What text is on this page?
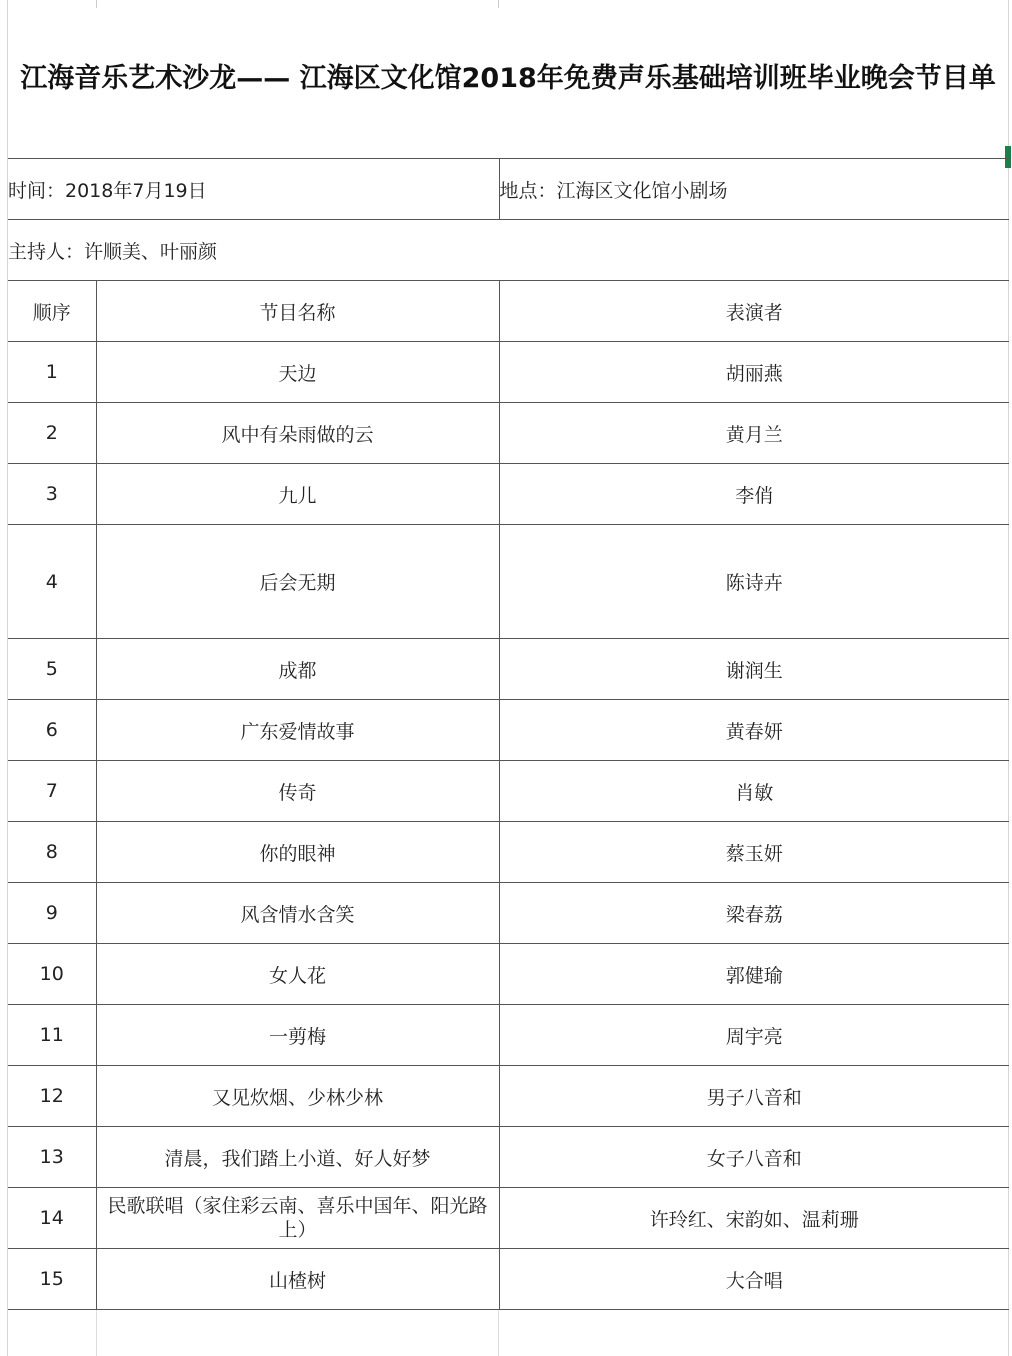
江海音乐艺术沙龙—— 江海区文化馆2018年免费声乐基础培训班毕业晚会节目单
时间：2018年7月19日		地点：江海区文化馆小剧场
主持人：许顺美、叶丽颜		
顺序	节目名称	表演者
1	天边	胡丽燕
2	风中有朵雨做的云	黄月兰
3	九儿	李俏
4	后会无期	陈诗卉
5	成都	谢润生
6	广东爱情故事	黄春妍
7	传奇	肖敏
8	你的眼神	蔡玉妍
9	风含情水含笑	梁春荔
10	女人花	郭健瑜
11	一剪梅	周宇亮
12	又见炊烟、少林少林	男子八音和
13	清晨，我们踏上小道、好人好梦	女子八音和
14	民歌联唱（家住彩云南、喜乐中国年、阳光路上）	许玲红、宋韵如、温莉珊
15	山楂树	大合唱
